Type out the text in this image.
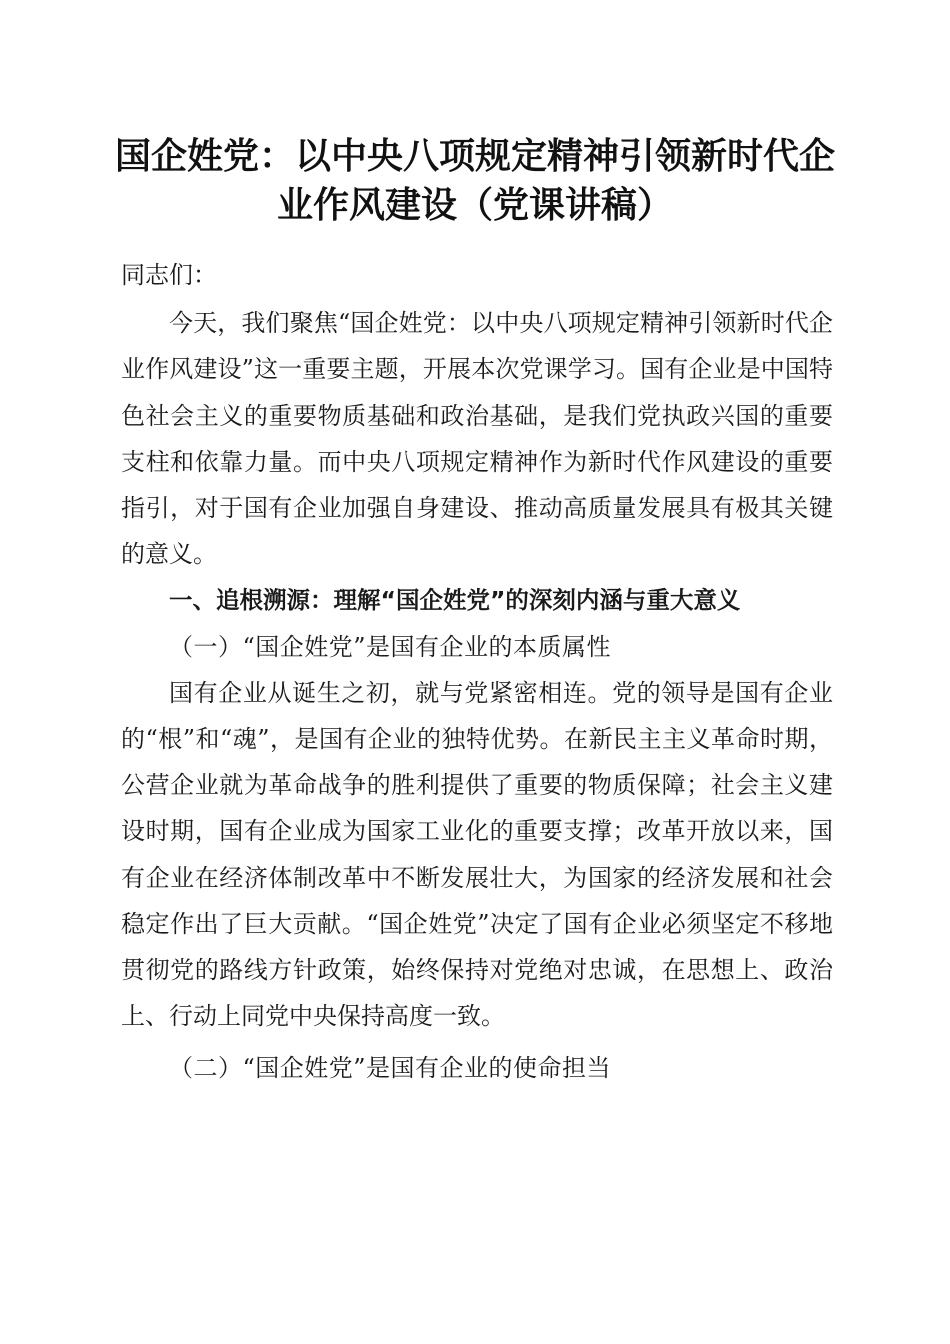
国企姓党：以中央八项规定精神引领新时代企
业作风建设（党课讲稿）

同志们：

今天，我们聚焦“国企姓党：以中央八项规定精神引领新时代企业作风建设”这一重要主题，开展本次党课学习。国有企业是中国特色社会主义的重要物质基础和政治基础，是我们党执政兴国的重要支柱和依靠力量。而中央八项规定精神作为新时代作风建设的重要指引，对于国有企业加强自身建设、推动高质量发展具有极其关键的意义。

一、追根溯源：理解“国企姓党”的深刻内涵与重大意义

（一）“国企姓党”是国有企业的本质属性

国有企业从诞生之初，就与党紧密相连。党的领导是国有企业的“根”和“魂”，是国有企业的独特优势。在新民主主义革命时期，公营企业就为革命战争的胜利提供了重要的物质保障；社会主义建设时期，国有企业成为国家工业化的重要支撑；改革开放以来，国有企业在经济体制改革中不断发展壮大，为国家的经济发展和社会稳定作出了巨大贡献。“国企姓党”决定了国有企业必须坚定不移地贯彻党的路线方针政策，始终保持对党绝对忠诚，在思想上、政治上、行动上同党中央保持高度一致。

（二）“国企姓党”是国有企业的使命担当
